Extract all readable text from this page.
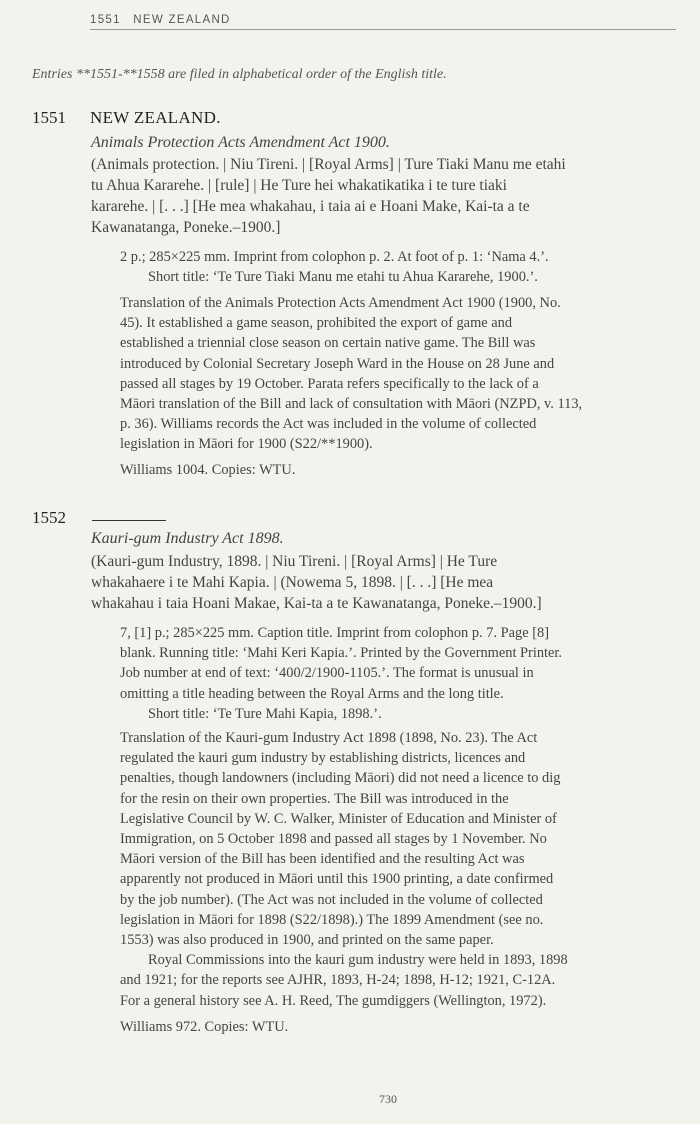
1551 NEW ZEALAND
Entries **1551-**1558 are filed in alphabetical order of the English title.
1551 NEW ZEALAND.
Animals Protection Acts Amendment Act 1900.

(Animals protection. | Niu Tireni. | [Royal Arms] | Ture Tiaki Manu me etahi

tu Ahua Kararehe. | [rule] | He Ture hei whakatikatika i te ture tiaki

kararehe. | [. . .] [He mea whakahau, i taia ai e Hoani Make, Kai-ta a te

Kawanatanga, Poneke.–1900.]

2 p.; 285×225 mm. Imprint from colophon p. 2. At foot of p. 1: ‘Nama 4.’.

Short title: ‘Te Ture Tiaki Manu me etahi tu Ahua Kararehe, 1900.’.

Translation of the Animals Protection Acts Amendment Act 1900 (1900, No.

45). It established a game season, prohibited the export of game and

established a triennial close season on certain native game. The Bill was

introduced by Colonial Secretary Joseph Ward in the House on 28 June and

passed all stages by 19 October. Parata refers specifically to the lack of a

Māori translation of the Bill and lack of consultation with Māori (NZPD, v. 113,

p. 36). Williams records the Act was included in the volume of collected

legislation in Māori for 1900 (S22/**1900).

Williams 1004. Copies: WTU.
1552
Kauri-gum Industry Act 1898.

(Kauri-gum Industry, 1898. | Niu Tireni. | [Royal Arms] | He Ture

whakahaere i te Mahi Kapia. | (Nowema 5, 1898. | [. . .] [He mea

whakahau i taia Hoani Makae, Kai-ta a te Kawanatanga, Poneke.–1900.]

7, [1] p.; 285×225 mm. Caption title. Imprint from colophon p. 7. Page [8]

blank. Running title: ‘Mahi Keri Kapia.’. Printed by the Government Printer.

Job number at end of text: ‘400/2/1900-1105.’. The format is unusual in

omitting a title heading between the Royal Arms and the long title.

Short title: ‘Te Ture Mahi Kapia, 1898.’.

Translation of the Kauri-gum Industry Act 1898 (1898, No. 23). The Act

regulated the kauri gum industry by establishing districts, licences and

penalties, though landowners (including Māori) did not need a licence to dig

for the resin on their own properties. The Bill was introduced in the

Legislative Council by W. C. Walker, Minister of Education and Minister of

Immigration, on 5 October 1898 and passed all stages by 1 November. No

Māori version of the Bill has been identified and the resulting Act was

apparently not produced in Māori until this 1900 printing, a date confirmed

by the job number). (The Act was not included in the volume of collected

legislation in Māori for 1898 (S22/1898).) The 1899 Amendment (see no.

1553) was also produced in 1900, and printed on the same paper.

Royal Commissions into the kauri gum industry were held in 1893, 1898

and 1921; for the reports see AJHR, 1893, H-24; 1898, H-12; 1921, C-12A.

For a general history see A. H. Reed, The gumdiggers (Wellington, 1972).

Williams 972. Copies: WTU.
730
